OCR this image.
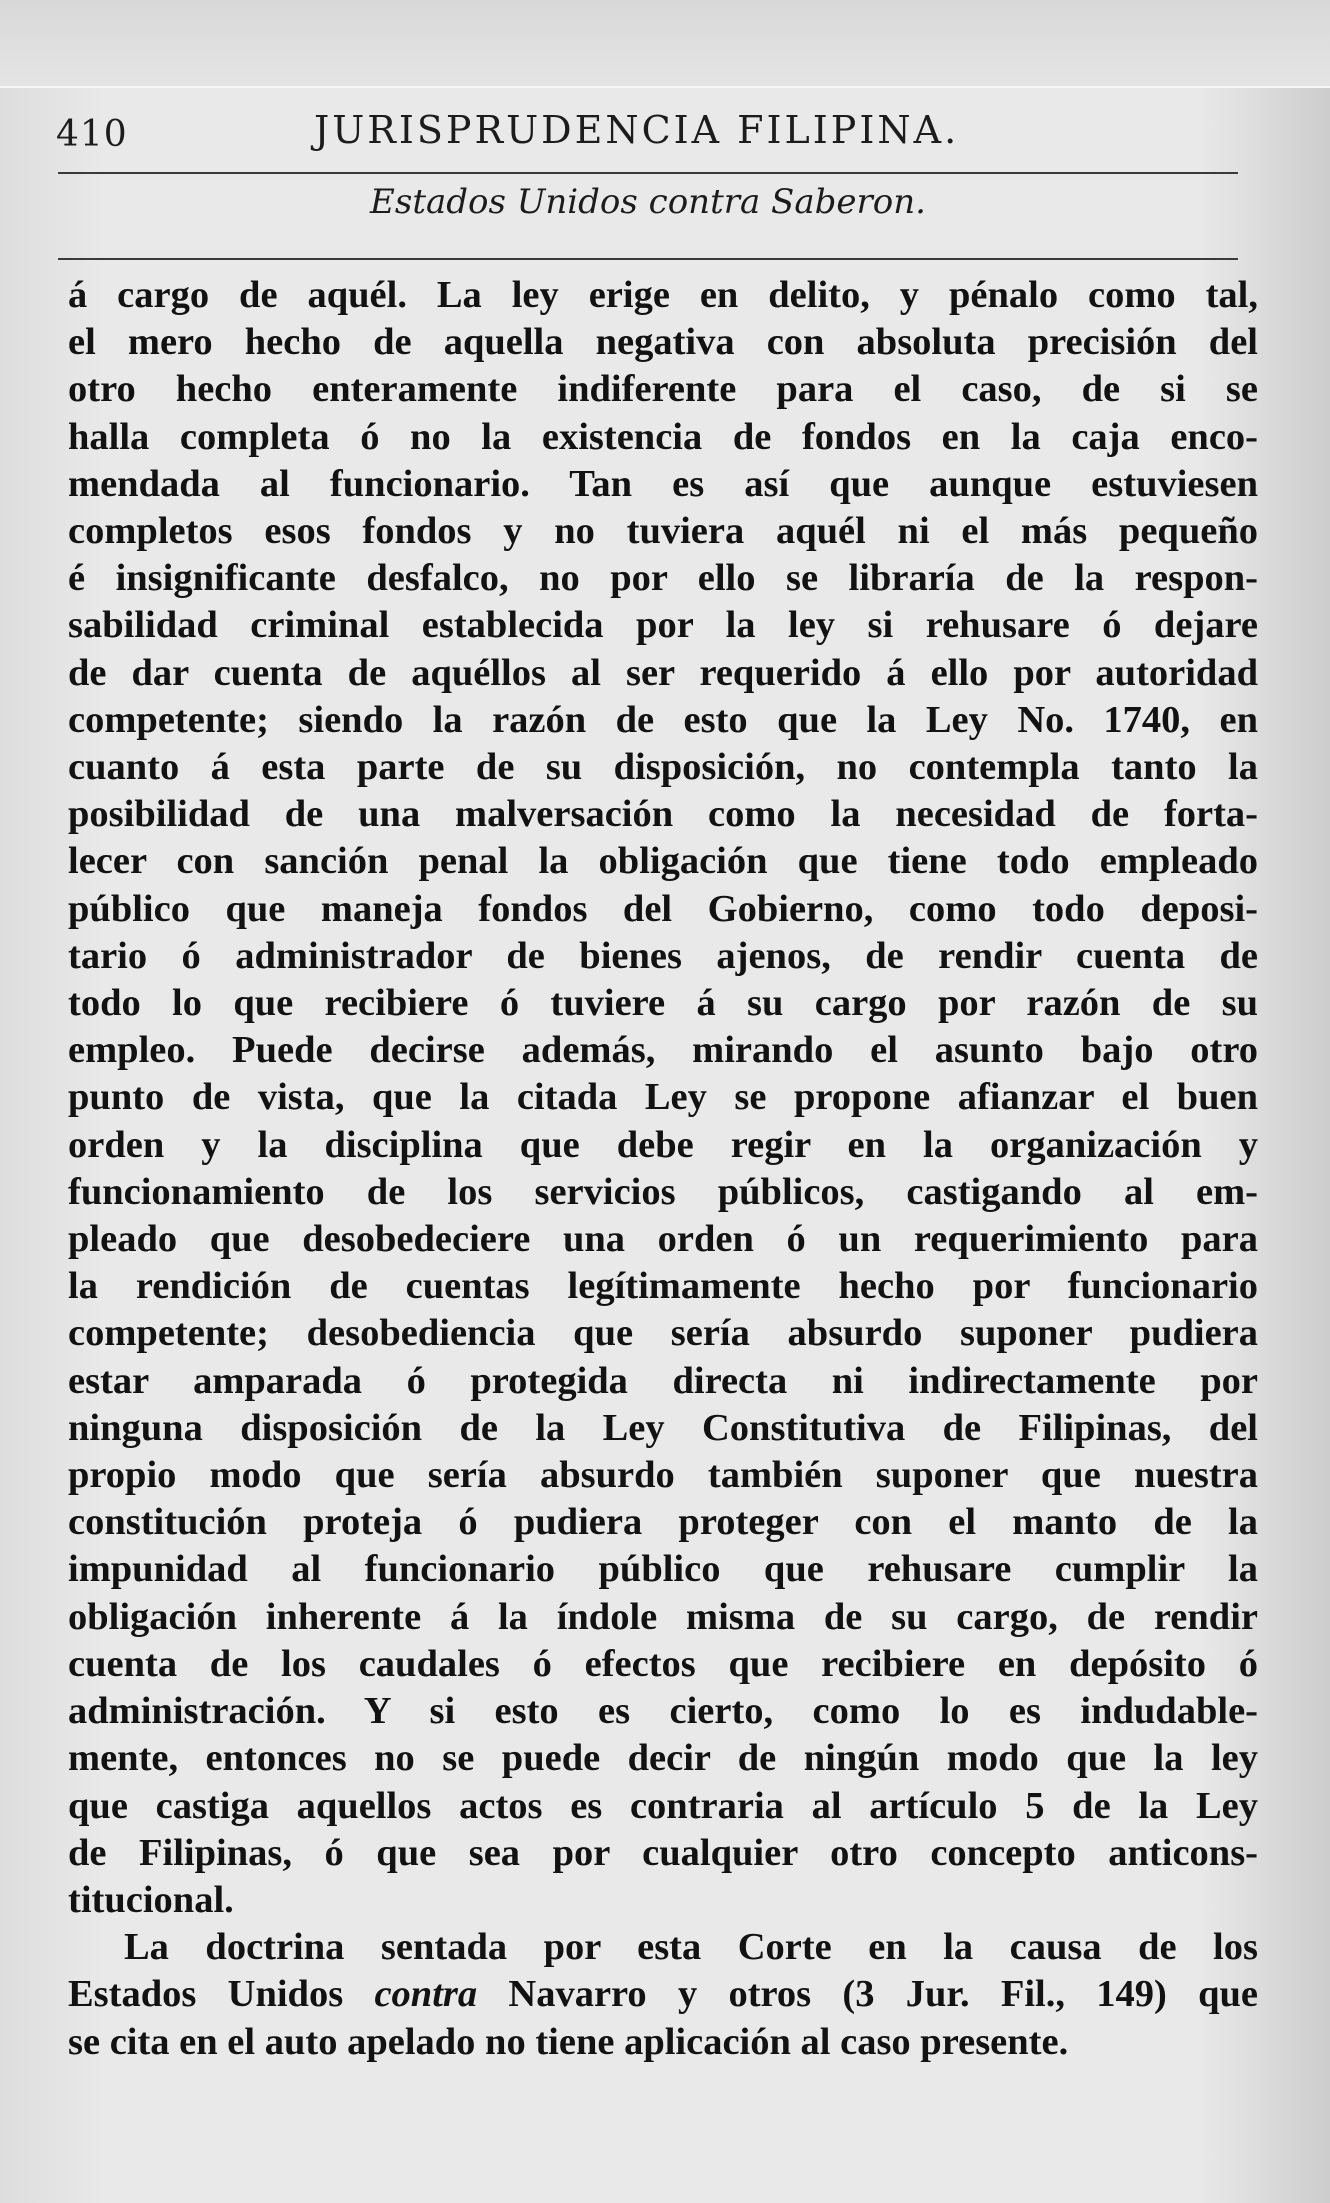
410	JURISPRUDENCIA FILIPINA.
Estados Unidos contra Saberon.
á cargo de aquél. La ley erige en delito, y pénalo como tal,
el mero hecho de aquella negativa con absoluta precisión del
otro hecho enteramente indiferente para el caso, de si se
halla completa ó no la existencia de fondos en la caja enco-
mendada al funcionario. Tan es así que aunque estuviesen
completos esos fondos y no tuviera aquél ni el más pequeño
é insignificante desfalco, no por ello se libraría de la respon-
sabilidad criminal establecida por la ley si rehusare ó dejare
de dar cuenta de aquéllos al ser requerido á ello por autoridad
competente; siendo la razón de esto que la Ley No. 1740, en
cuanto á esta parte de su disposición, no contempla tanto la
posibilidad de una malversación como la necesidad de forta-
lecer con sanción penal la obligación que tiene todo empleado
público que maneja fondos del Gobierno, como todo deposi-
tario ó administrador de bienes ajenos, de rendir cuenta de
todo lo que recibiere ó tuviere á su cargo por razón de su
empleo. Puede decirse además, mirando el asunto bajo otro
punto de vista, que la citada Ley se propone afianzar el buen
orden y la disciplina que debe regir en la organización y
funcionamiento de los servicios públicos, castigando al em-
pleado que desobedeciere una orden ó un requerimiento para
la rendición de cuentas legítimamente hecho por funcionario
competente; desobediencia que sería absurdo suponer pudiera
estar amparada ó protegida directa ni indirectamente por
ninguna disposición de la Ley Constitutiva de Filipinas, del
propio modo que sería absurdo también suponer que nuestra
constitución proteja ó pudiera proteger con el manto de la
impunidad al funcionario público que rehusare cumplir la
obligación inherente á la índole misma de su cargo, de rendir
cuenta de los caudales ó efectos que recibiere en depósito ó
administración. Y si esto es cierto, como lo es indudable-
mente, entonces no se puede decir de ningún modo que la ley
que castiga aquellos actos es contraria al artículo 5 de la Ley
de Filipinas, ó que sea por cualquier otro concepto anticons-
titucional.
La doctrina sentada por esta Corte en la causa de los
Estados Unidos contra Navarro y otros (3 Jur. Fil., 149) que
se cita en el auto apelado no tiene aplicación al caso presente.
